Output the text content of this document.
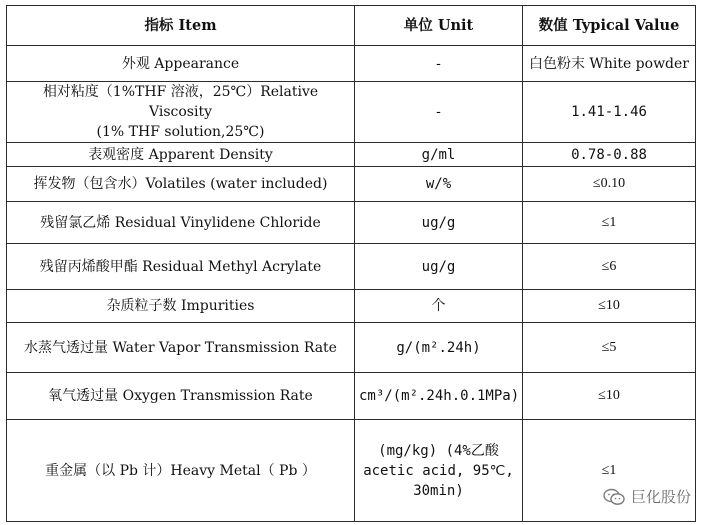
指标 Item	单位 Unit	数值 Typical Value
外观 Appearance	-	白色粉末 White powder

相对粘度（1%THF 溶液，25℃）Relative Viscosity
(1% THF solution,25℃)	-	1.41-1.46
表观密度 Apparent Density	g/ml	0.78-0.88
挥发物（包含水）Volatiles (water included)	w/%	≤0.10
残留氯乙烯 Residual Vinylidene Chloride	ug/g	≤1
残留丙烯酸甲酯 Residual Methyl Acrylate	ug/g	≤6
杂质粒子数 Impurities	个	≤10
水蒸气透过量 Water Vapor Transmission Rate	g/(m².24h)	≤5
氧气透过量 Oxygen Transmission Rate	cm³/(m².24h.0.1MPa)	≤10
重金属（以 Pb 计）Heavy Metal（ Pb ）	(mg/kg) (4%乙酸
acetic acid, 95℃,
30min)	≤1
巨化股份
